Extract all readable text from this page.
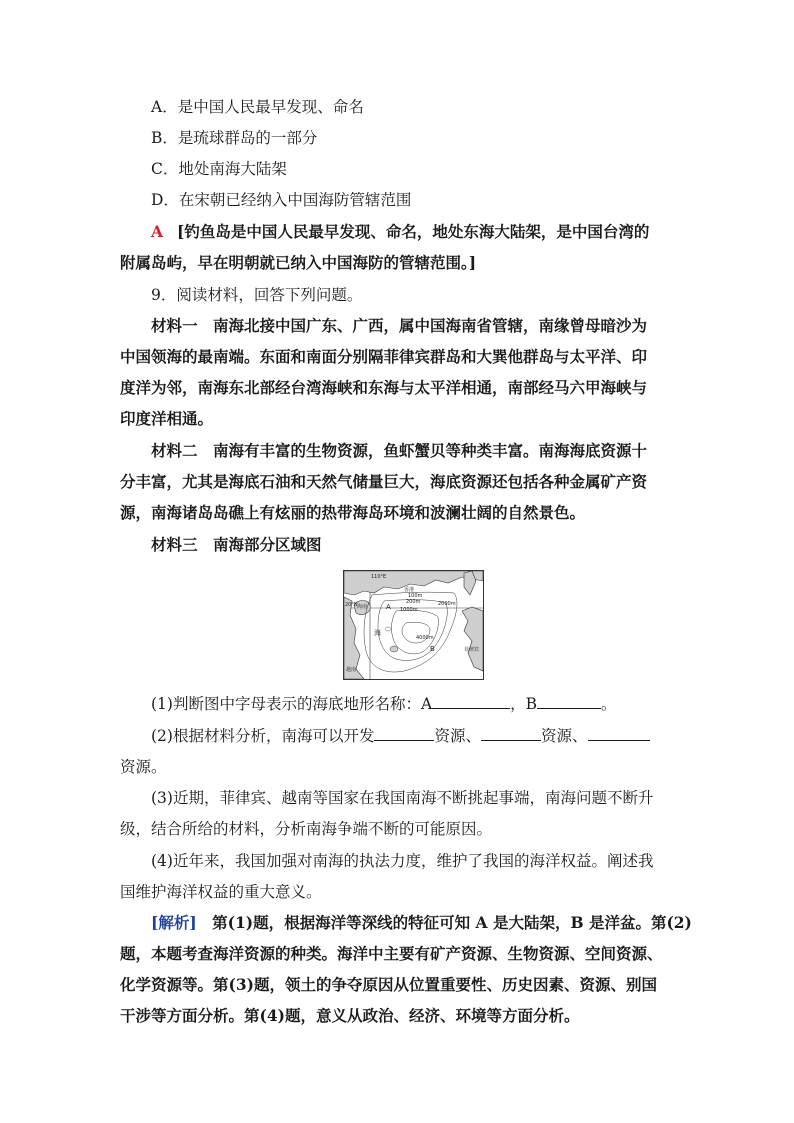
A．是中国人民最早发现、命名
B．是琉球群岛的一部分
C．地处南海大陆架
D．在宋朝已经纳入中国海防管辖范围
A [钓鱼岛是中国人民最早发现、命名，地处东海大陆架，是中国台湾的
附属岛屿，早在明朝就已纳入中国海防的管辖范围。]
9．阅读材料，回答下列问题。
材料一　南海北接中国广东、广西，属中国海南省管辖，南缘曾母暗沙为
中国领海的最南端。东面和南面分别隔菲律宾群岛和大巽他群岛与太平洋、印
度洋为邻，南海东北部经台湾海峡和东海与太平洋相通，南部经马六甲海峡与
印度洋相通。
材料二　南海有丰富的生物资源，鱼虾蟹贝等种类丰富。南海海底资源十
分丰富，尤其是海底石油和天然气储量巨大，海底资源还包括各种金属矿产资
源，南海诸岛岛礁上有炫丽的热带海岛环境和波澜壮阔的自然景色。
材料三　南海部分区域图
110°E
20°N 海南
香港
越南
菲律宾
海
100m
200m	2000m
1000m
4000m
A
B
(1)判断图中字母表示的海底地形名称：A	，B	。
(2)根据材料分析，南海可以开发	资源、	资源、
资源。
(3)近期，菲律宾、越南等国家在我国南海不断挑起事端，南海问题不断升
级，结合所给的材料，分析南海争端不断的可能原因。
(4)近年来，我国加强对南海的执法力度，维护了我国的海洋权益。阐述我
国维护海洋权益的重大意义。
[解析]　第(1)题，根据海洋等深线的特征可知 A 是大陆架，B 是洋盆。第(2)
题，本题考查海洋资源的种类。海洋中主要有矿产资源、生物资源、空间资源、
化学资源等。第(3)题，领土的争夺原因从位置重要性、历史因素、资源、别国
干涉等方面分析。第(4)题，意义从政治、经济、环境等方面分析。
